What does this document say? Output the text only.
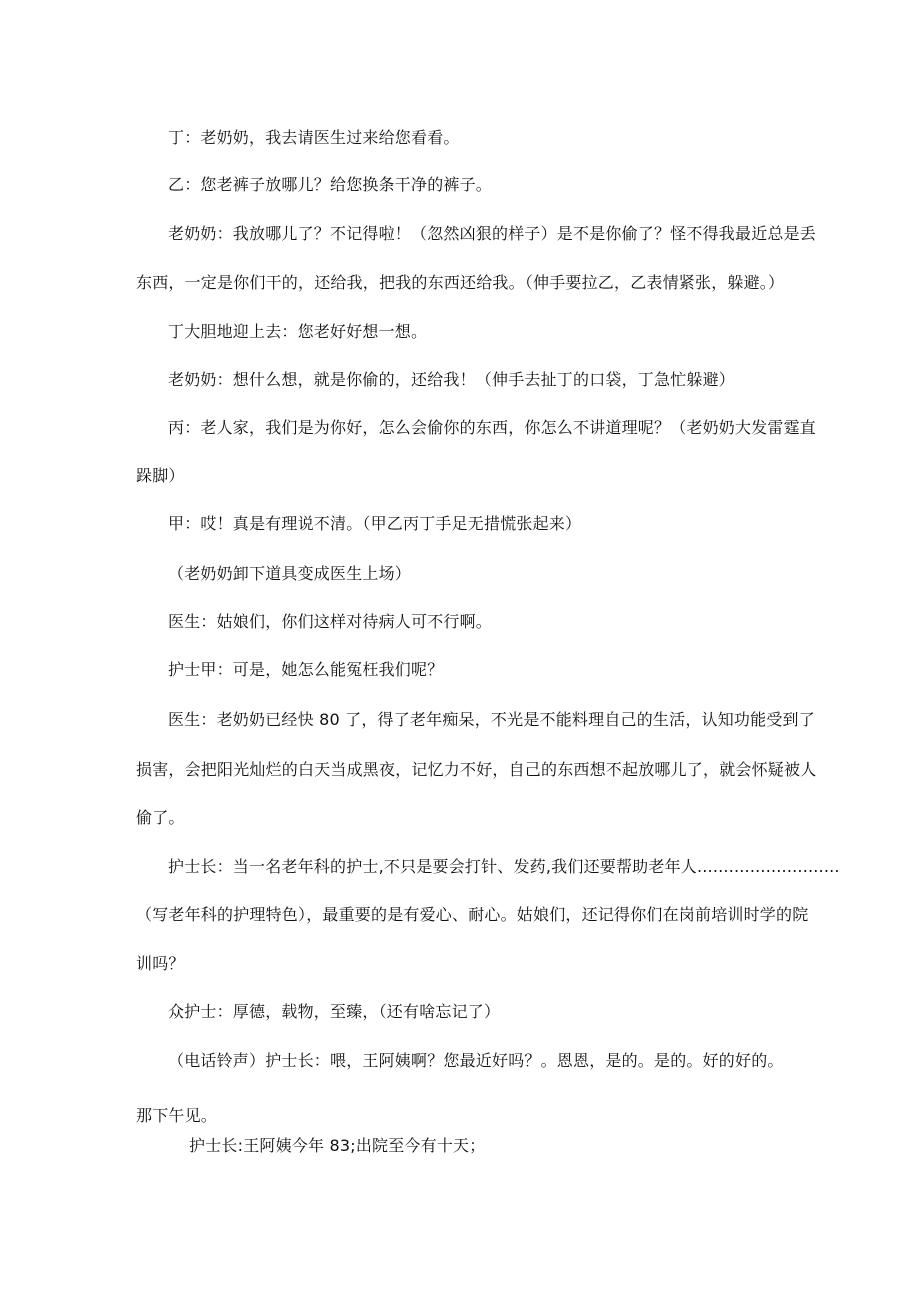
丁：老奶奶，我去请医生过来给您看看。
乙：您老裤子放哪儿？给您换条干净的裤子。
老奶奶：我放哪儿了？不记得啦！（忽然凶狠的样子）是不是你偷了？怪不得我最近总是丢
东西，一定是你们干的，还给我，把我的东西还给我。（伸手要拉乙，乙表情紧张，躲避。）
丁大胆地迎上去：您老好好想一想。
老奶奶：想什么想，就是你偷的，还给我！（伸手去扯丁的口袋，丁急忙躲避）
丙：老人家，我们是为你好，怎么会偷你的东西，你怎么不讲道理呢？（老奶奶大发雷霆直
跺脚）
甲：哎！真是有理说不清。（甲乙丙丁手足无措慌张起来）
（老奶奶卸下道具变成医生上场）
医生：姑娘们，你们这样对待病人可不行啊。
护士甲：可是，她怎么能冤枉我们呢？
医生：老奶奶已经快 80 了，得了老年痴呆，不光是不能料理自己的生活，认知功能受到了
损害，会把阳光灿烂的白天当成黑夜，记忆力不好，自己的东西想不起放哪儿了，就会怀疑被人
偷了。
护士长：当一名老年科的护士,不只是要会打针、发药,我们还要帮助老年人...........................
（写老年科的护理特色），最重要的是有爱心、耐心。姑娘们，还记得你们在岗前培训时学的院
训吗？
众护士：厚德，载物，至臻，（还有啥忘记了）
（电话铃声）护士长：喂，王阿姨啊？您最近好吗？。恩恩，是的。是的。好的好的。
那下午见。
护士长:王阿姨今年 83;出院至今有十天；
